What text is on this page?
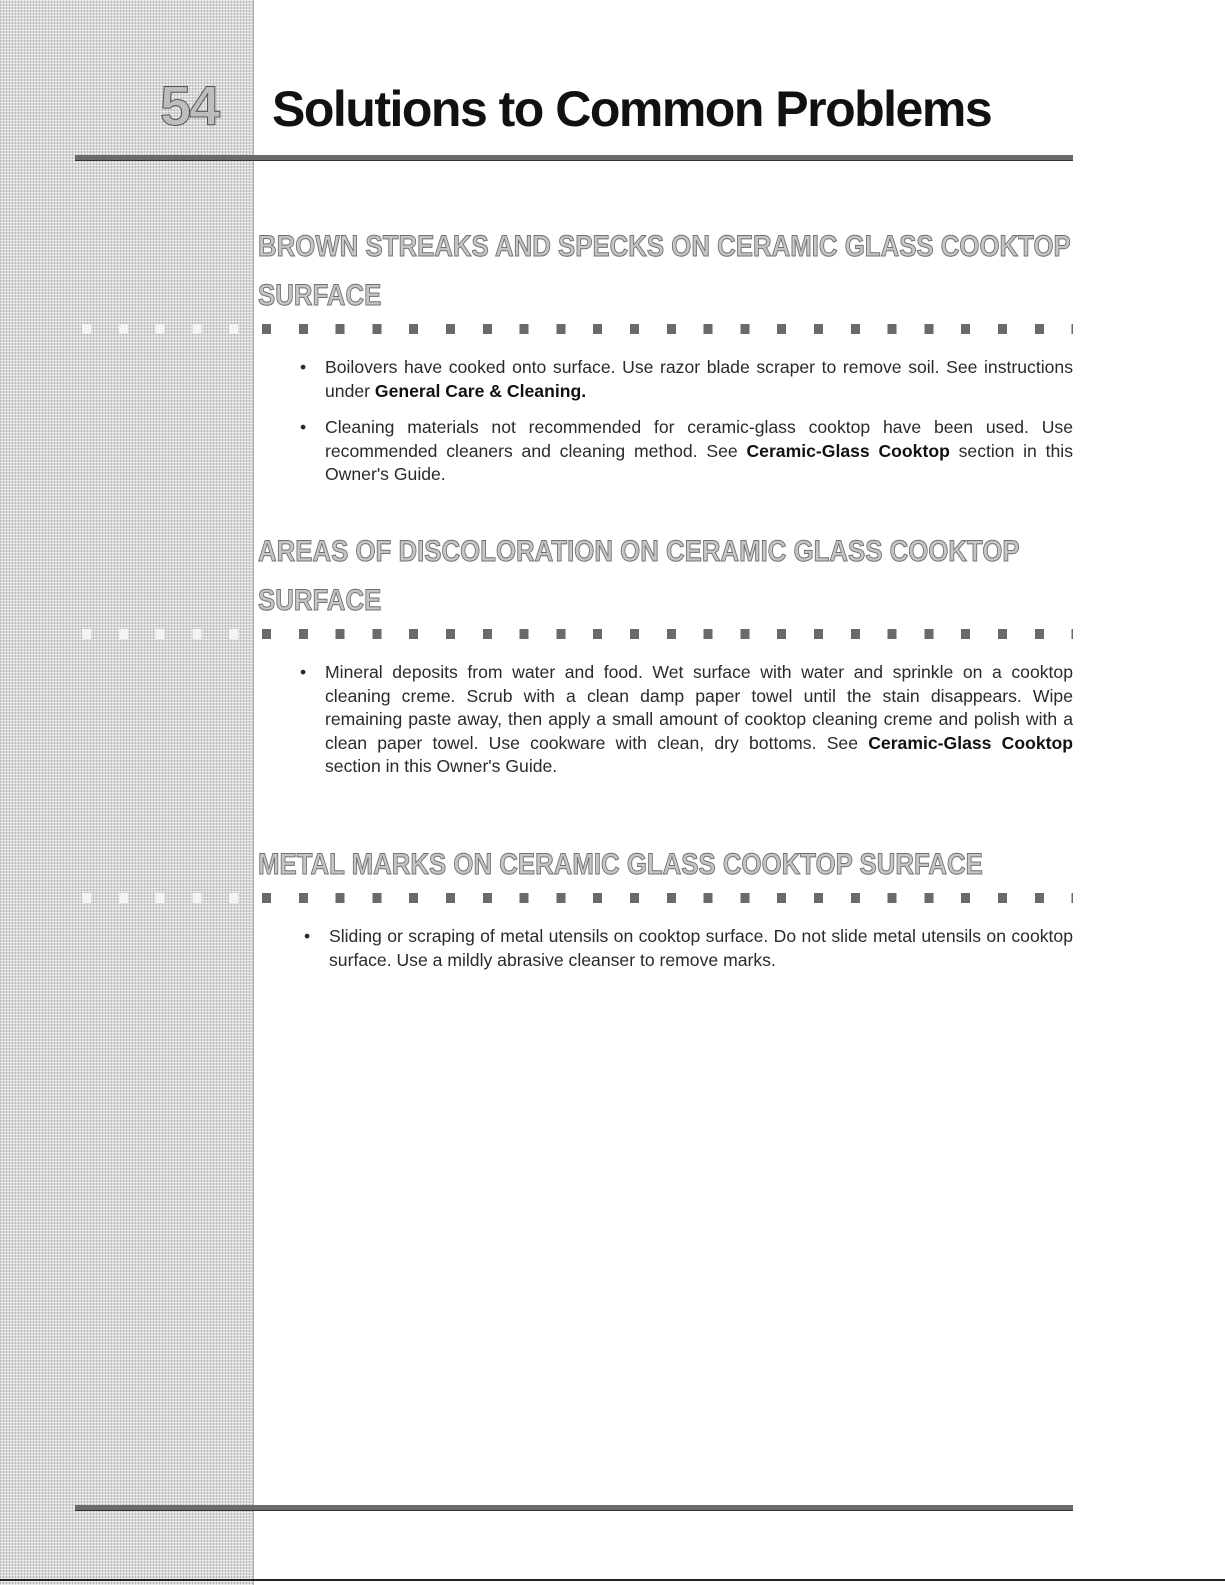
54 Solutions to Common Problems
BROWN STREAKS AND SPECKS ON CERAMIC GLASS COOKTOP
SURFACE
• Boilovers have cooked onto surface. Use razor blade scraper to remove soil. See instructions under General Care & Cleaning.
• Cleaning materials not recommended for ceramic-glass cooktop have been used. Use recommended cleaners and cleaning method. See Ceramic-Glass Cooktop section in this Owner's Guide.
AREAS OF DISCOLORATION ON CERAMIC GLASS COOKTOP
SURFACE
• Mineral deposits from water and food. Wet surface with water and sprinkle on a cooktop cleaning creme. Scrub with a clean damp paper towel until the stain disappears. Wipe remaining paste away, then apply a small amount of cooktop cleaning creme and polish with a clean paper towel. Use cookware with clean, dry bottoms. See Ceramic-Glass Cooktop section in this Owner's Guide.
METAL MARKS ON CERAMIC GLASS COOKTOP SURFACE
• Sliding or scraping of metal utensils on cooktop surface. Do not slide metal utensils on cooktop surface. Use a mildly abrasive cleanser to remove marks.
